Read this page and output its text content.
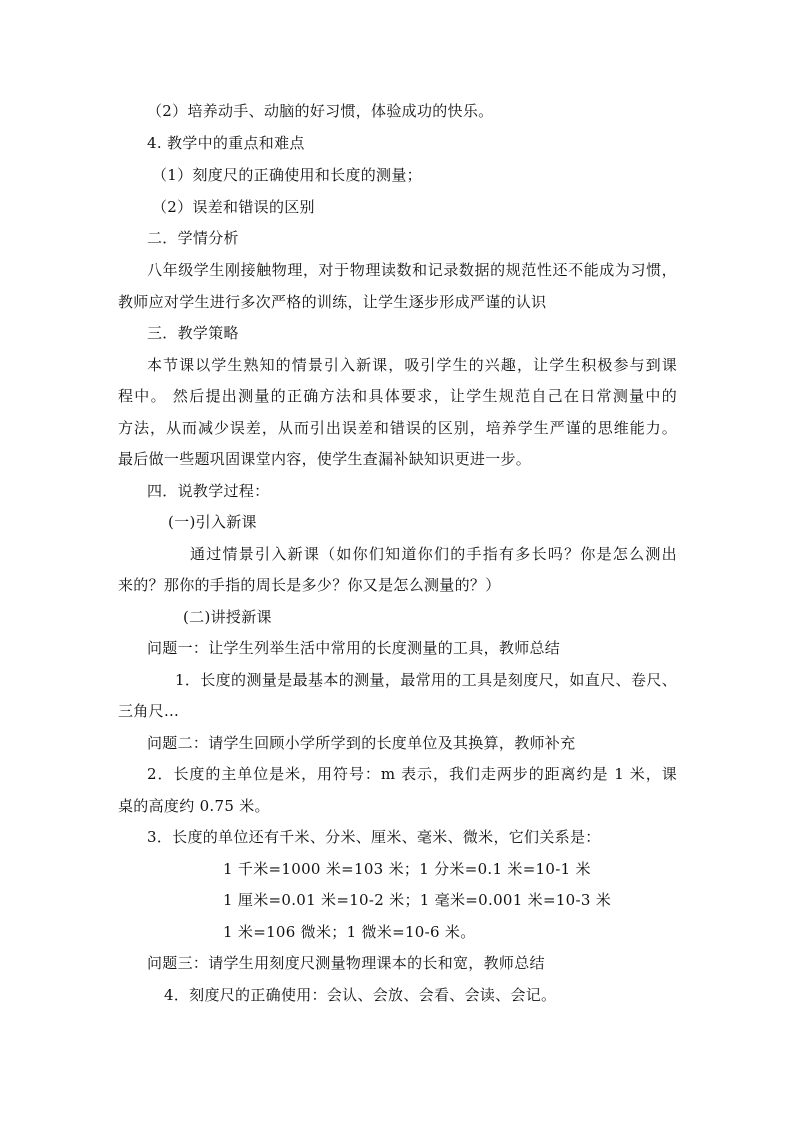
（2）培养动手、动脑的好习惯，体验成功的快乐。
4. 教学中的重点和难点
（1）刻度尺的正确使用和长度的测量；
（2）误差和错误的区别
二．学情分析
八年级学生刚接触物理，对于物理读数和记录数据的规范性还不能成为习惯，
教师应对学生进行多次严格的训练，让学生逐步形成严谨的认识
三．教学策略
本节课以学生熟知的情景引入新课，吸引学生的兴趣，让学生积极参与到课
程中。 然后提出测量的正确方法和具体要求，让学生规范自己在日常测量中的
方法，从而减少误差，从而引出误差和错误的区别，培养学生严谨的思维能力。
最后做一些题巩固课堂内容，使学生查漏补缺知识更进一步。
四．说教学过程：
(一)引入新课
通过情景引入新课（如你们知道你们的手指有多长吗？你是怎么测出
来的？那你的手指的周长是多少？你又是怎么测量的？）
(二)讲授新课
问题一：让学生列举生活中常用的长度测量的工具，教师总结
1．长度的测量是最基本的测量，最常用的工具是刻度尺，如直尺、卷尺、
三角尺…
问题二：请学生回顾小学所学到的长度单位及其换算，教师补充
2．长度的主单位是米，用符号：m 表示，我们走两步的距离约是 1 米，课
桌的高度约 0.75 米。
3．长度的单位还有千米、分米、厘米、毫米、微米，它们关系是：
1 千米=1000 米=103 米；1 分米=0.1 米=10-1 米
1 厘米=0.01 米=10-2 米；1 毫米=0.001 米=10-3 米
1 米=106 微米；1 微米=10-6 米。
问题三：请学生用刻度尺测量物理课本的长和宽，教师总结
4．刻度尺的正确使用：会认、会放、会看、会读、会记。
